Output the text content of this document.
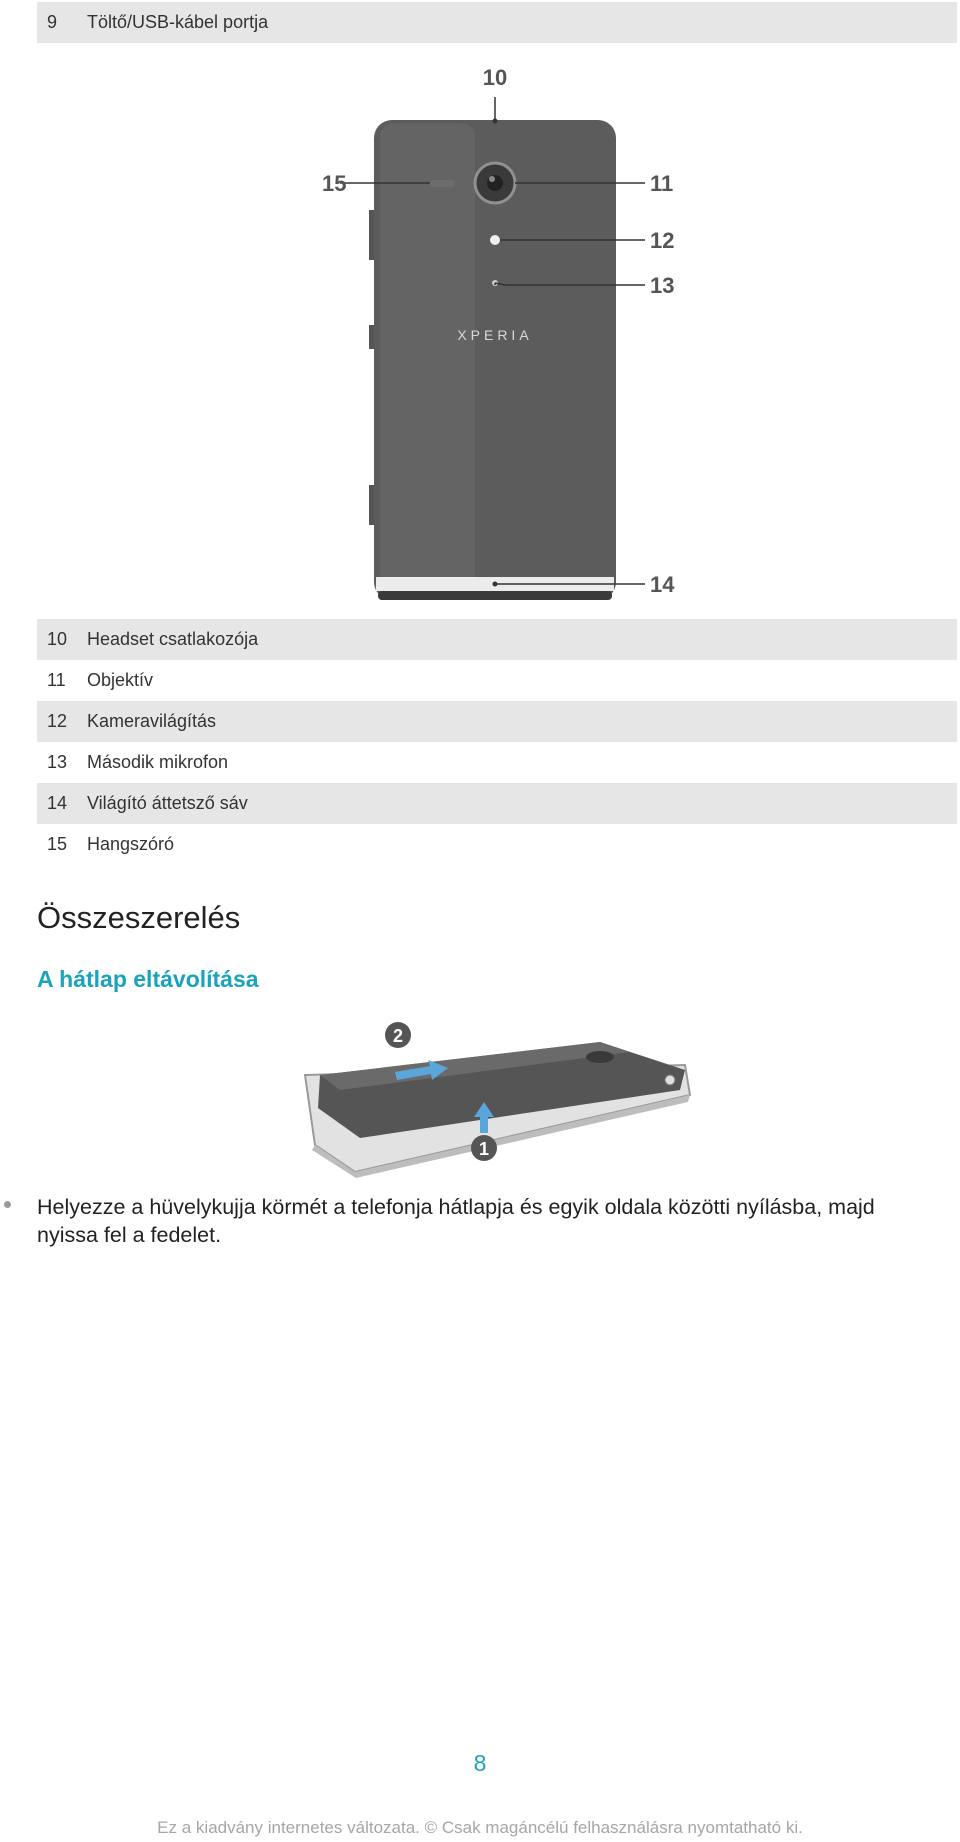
9 Töltő/USB-kábel portja
XPERIA
10
11
12
13
14
15
10 Headset csatlakozója
11 Objektív
12 Kameravilágítás
13 Második mikrofon
14 Világító áttetsző sáv
15 Hangszóró
Összeszerelés
A hátlap eltávolítása
2
1
Helyezze a hüvelykujja körmét a telefonja hátlapja és egyik oldala közötti nyílásba, majd nyissa fel a fedelet.
8
Ez a kiadvány internetes változata. © Csak magáncélú felhasználásra nyomtatható ki.
